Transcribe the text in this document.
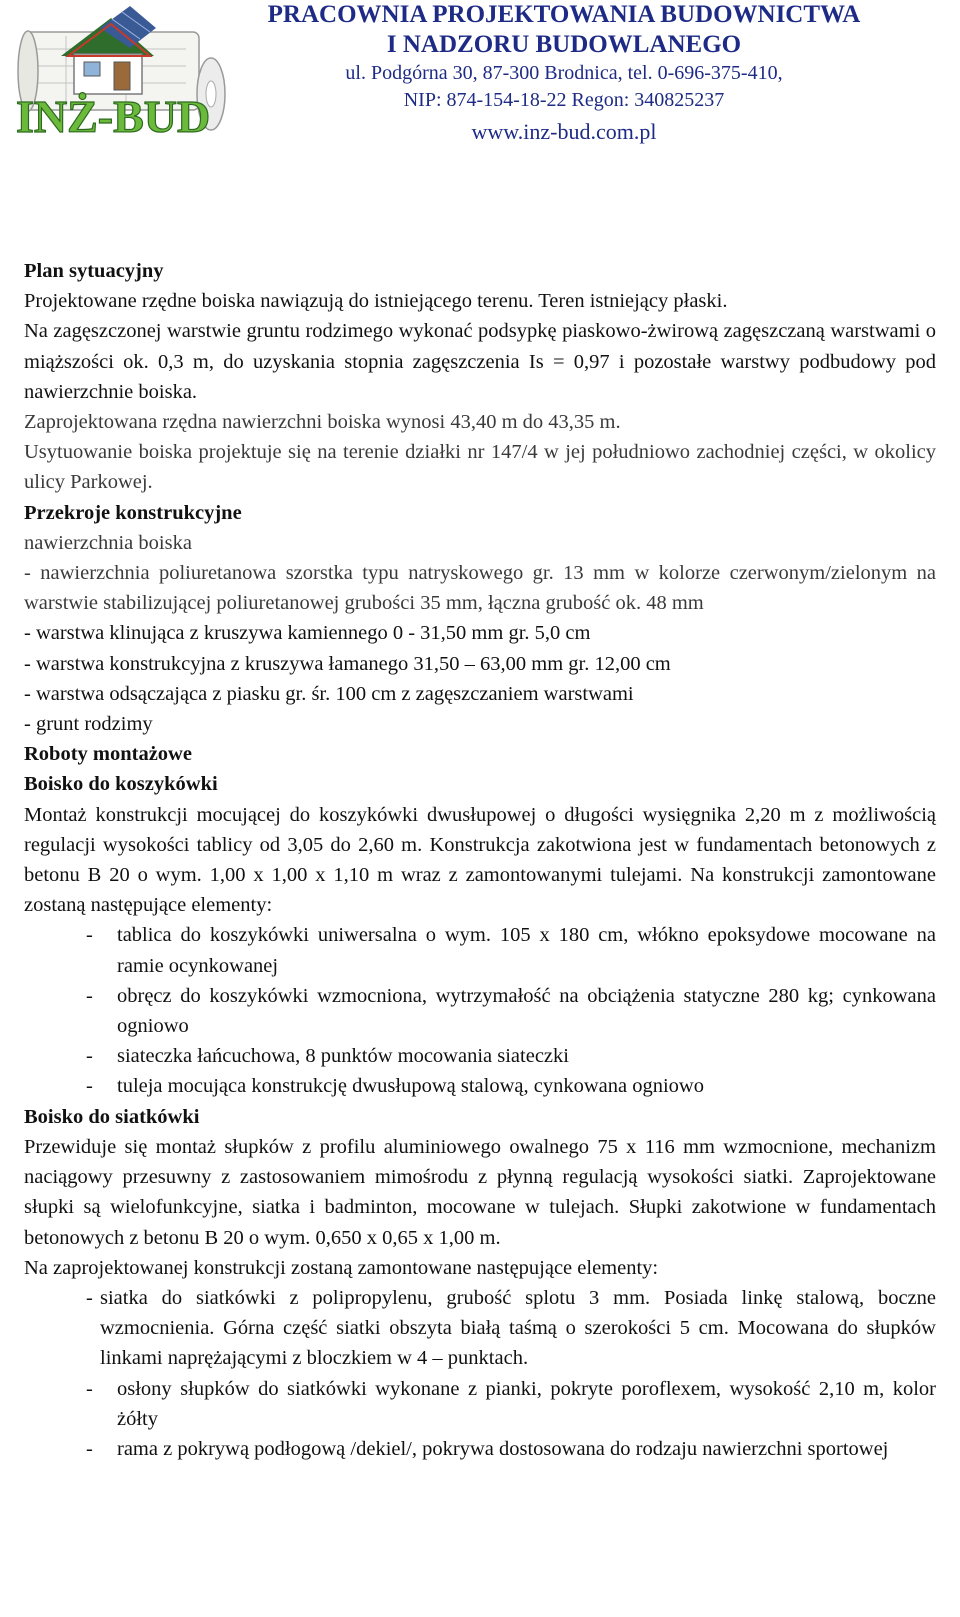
INŻ-BUD
PRACOWNIA PROJEKTOWANIA BUDOWNICTWA
I NADZORU BUDOWLANEGO
ul. Podgórna 30, 87-300 Brodnica, tel. 0-696-375-410,
NIP: 874-154-18-22 Regon: 340825237
www.inz-bud.com.pl

Plan sytuacyjny

Projektowane rzędne boiska nawiązują do istniejącego terenu. Teren istniejący płaski.

Na zagęszczonej warstwie gruntu rodzimego wykonać podsypkę piaskowo-żwirową zagęszczaną warstwami o miąższości ok. 0,3 m, do uzyskania stopnia zagęszczenia Is = 0,97 i pozostałe warstwy podbudowy pod nawierzchnie boiska.

Zaprojektowana rzędna nawierzchni boiska wynosi 43,40 m do 43,35 m.

Usytuowanie boiska projektuje się na terenie działki nr 147/4 w jej południowo zachodniej części, w okolicy ulicy Parkowej.

Przekroje konstrukcyjne

nawierzchnia boiska

- nawierzchnia poliuretanowa szorstka typu natryskowego gr. 13 mm w kolorze czerwonym/zielonym na warstwie stabilizującej poliuretanowej grubości 35 mm, łączna grubość ok. 48 mm

- warstwa klinująca z kruszywa kamiennego 0 - 31,50 mm gr. 5,0 cm

- warstwa konstrukcyjna z kruszywa łamanego 31,50 – 63,00 mm gr. 12,00 cm

- warstwa odsączająca z piasku gr. śr. 100 cm z zagęszczaniem warstwami

- grunt rodzimy

Roboty montażowe

Boisko do koszykówki

Montaż konstrukcji mocującej do koszykówki dwusłupowej o długości wysięgnika 2,20 m z możliwością regulacji wysokości tablicy od 3,05 do 2,60 m. Konstrukcja zakotwiona jest w fundamentach betonowych z betonu B 20 o wym. 1,00 x 1,00 x 1,10 m wraz z zamontowanymi tulejami. Na konstrukcji zamontowane zostaną następujące elementy:

- tablica do koszykówki uniwersalna o wym. 105 x 180 cm, włókno epoksydowe mocowane na ramie ocynkowanej

- obręcz do koszykówki wzmocniona, wytrzymałość na obciążenia statyczne 280 kg; cynkowana ogniowo

- siateczka łańcuchowa, 8 punktów mocowania siateczki

- tuleja mocująca konstrukcję dwusłupową stalową, cynkowana ogniowo

Boisko do siatkówki

Przewiduje się montaż słupków z profilu aluminiowego owalnego 75 x 116 mm wzmocnione, mechanizm naciągowy przesuwny z zastosowaniem mimośrodu z płynną regulacją wysokości siatki. Zaprojektowane słupki są wielofunkcyjne, siatka i badminton, mocowane w tulejach. Słupki zakotwione w fundamentach betonowych z betonu B 20 o wym. 0,650 x 0,65 x 1,00 m.

Na zaprojektowanej konstrukcji zostaną zamontowane następujące elementy:

- siatka do siatkówki z polipropylenu, grubość splotu 3 mm. Posiada linkę stalową, boczne wzmocnienia. Górna część siatki obszyta białą taśmą o szerokości 5 cm. Mocowana do słupków linkami naprężającymi z bloczkiem w 4 – punktach.

- osłony słupków do siatkówki wykonane z pianki, pokryte poroflexem, wysokość 2,10 m, kolor żółty

- rama z pokrywą podłogową /dekiel/, pokrywa dostosowana do rodzaju nawierzchni sportowej
